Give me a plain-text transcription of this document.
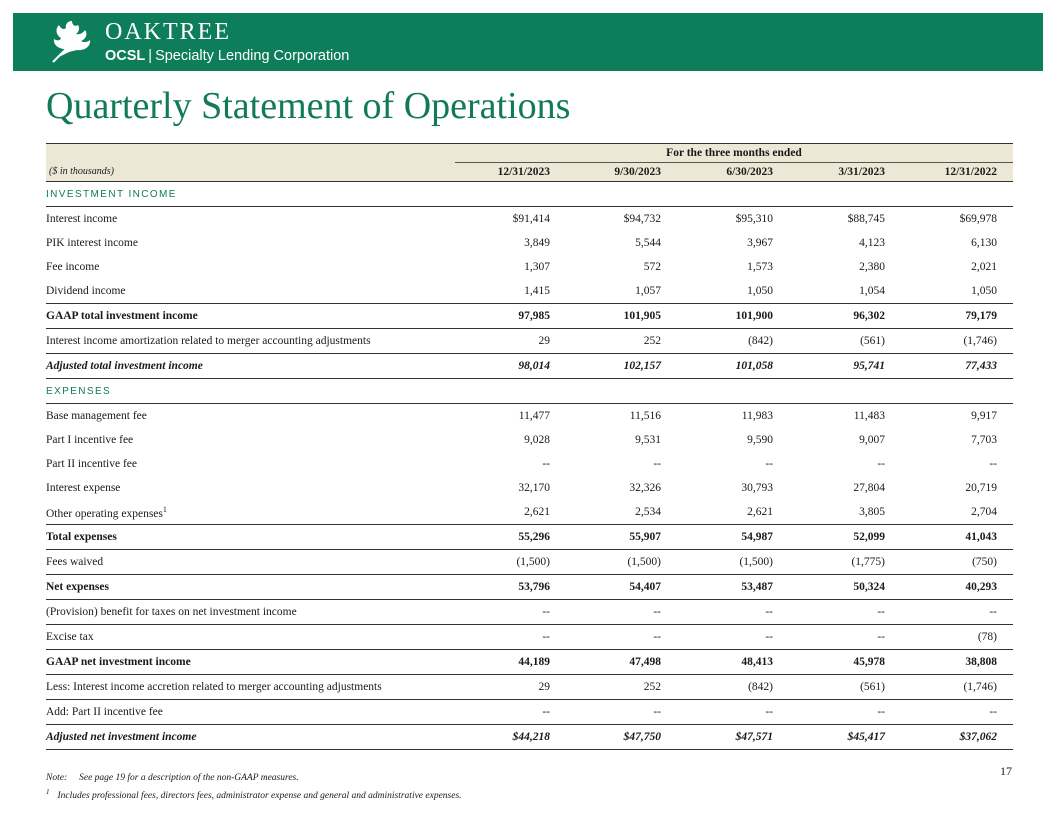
OAKTREE
OCSL | Specialty Lending Corporation
Quarterly Statement of Operations
	For the three months ended				
($ in thousands)	12/31/2023	9/30/2023	6/30/2023	3/31/2023	12/31/2022
INVESTMENT INCOME					
Interest income	$91,414	$94,732	$95,310	$88,745	$69,978
PIK interest income	3,849	5,544	3,967	4,123	6,130
Fee income	1,307	572	1,573	2,380	2,021
Dividend income	1,415	1,057	1,050	1,054	1,050
GAAP total investment income	97,985	101,905	101,900	96,302	79,179
Interest income amortization related to merger accounting adjustments	29	252	(842)	(561)	(1,746)
Adjusted total investment income	98,014	102,157	101,058	95,741	77,433
EXPENSES					
Base management fee	11,477	11,516	11,983	11,483	9,917
Part I incentive fee	9,028	9,531	9,590	9,007	7,703
Part II incentive fee	--	--	--	--	--
Interest expense	32,170	32,326	30,793	27,804	20,719
Other operating expenses$^1$	2,621	2,534	2,621	3,805	2,704
Total expenses	55,296	55,907	54,987	52,099	41,043
Fees waived	(1,500)	(1,500)	(1,500)	(1,775)	(750)
Net expenses	53,796	54,407	53,487	50,324	40,293
(Provision) benefit for taxes on net investment income	--	--	--	--	--
Excise tax	--	--	--	--	(78)
GAAP net investment income	44,189	47,498	48,413	45,978	38,808
Less: Interest income accretion related to merger accounting adjustments	29	252	(842)	(561)	(1,746)
Add: Part II incentive fee	--	--	--	--	--
Adjusted net investment income	$44,218	$47,750	$47,571	$45,417	$37,062
17
Note: See page 19 for a description of the non-GAAP measures.
$^1$ Includes professional fees, directors fees, administrator expense and general and administrative expenses.
